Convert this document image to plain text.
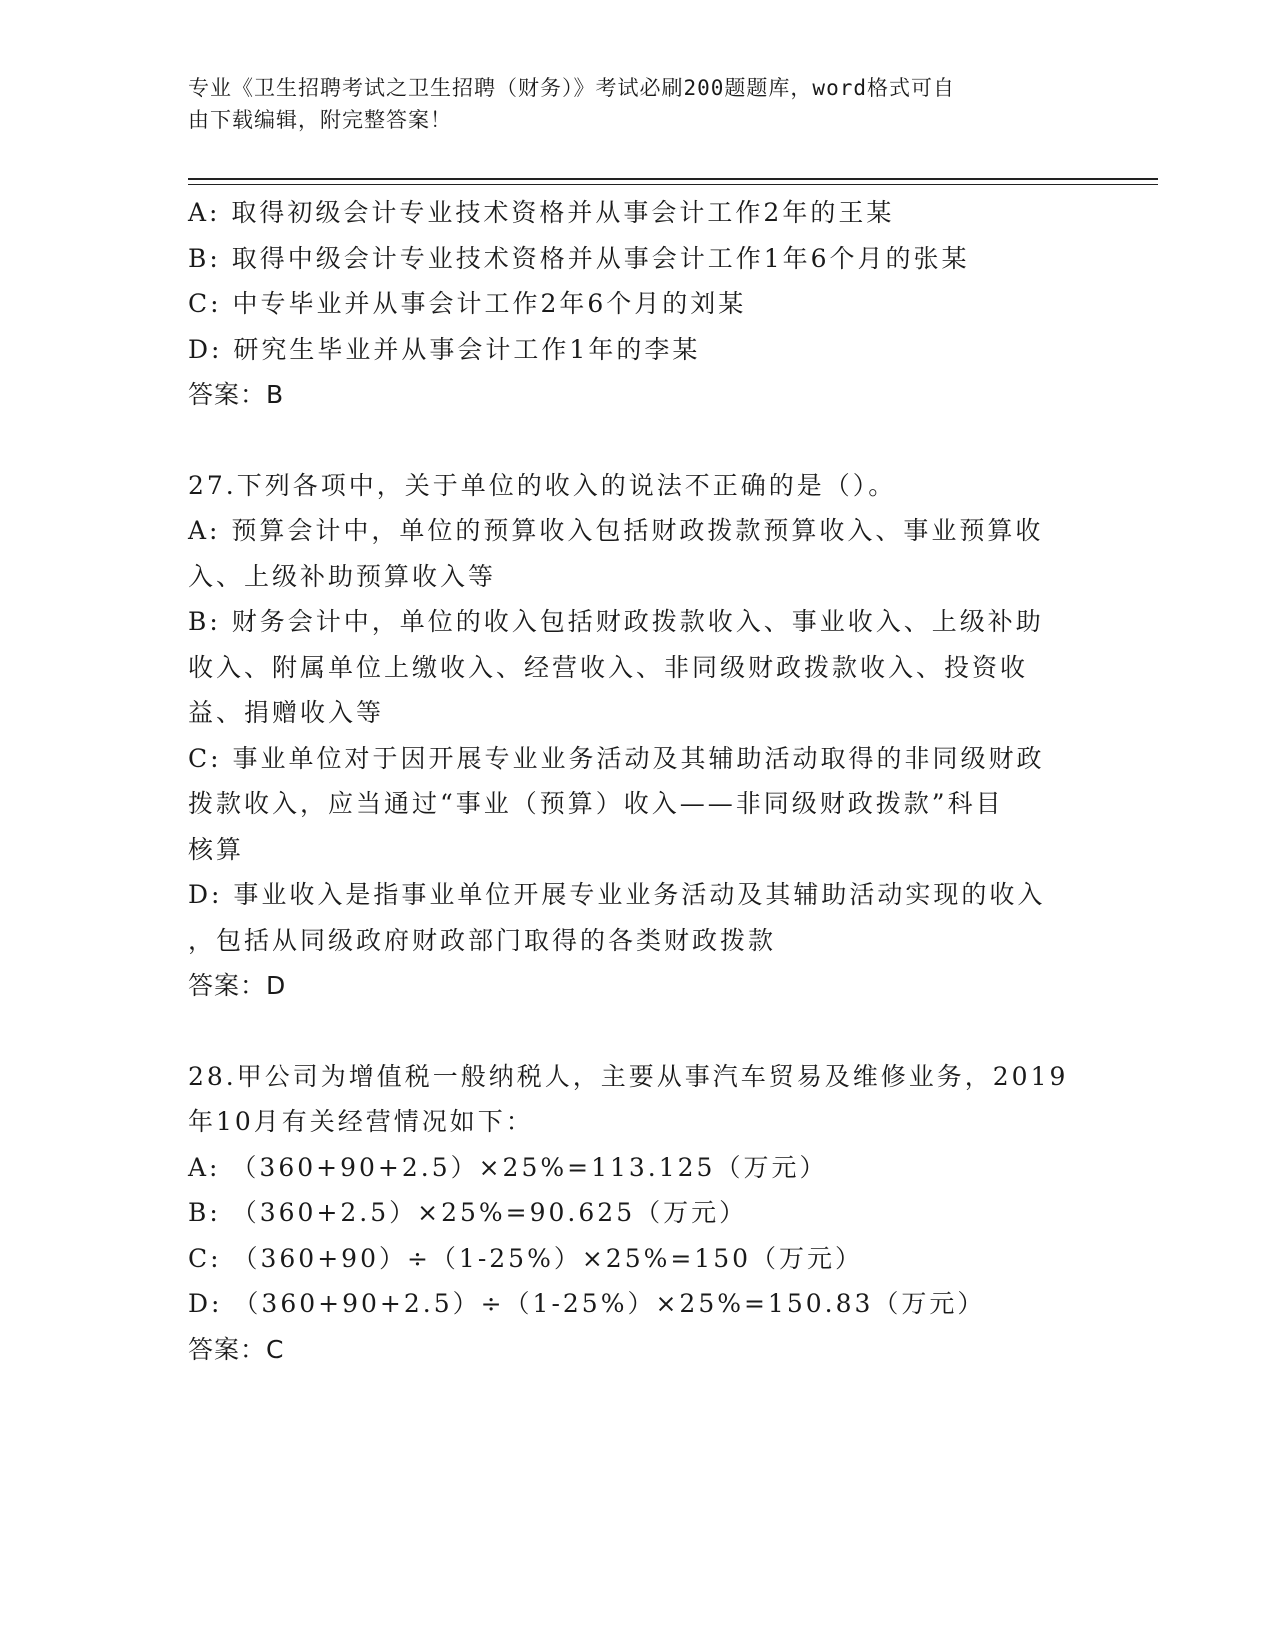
专业《卫生招聘考试之卫生招聘（财务）》考试必刷200题题库，word格式可自
由下载编辑，附完整答案！
A: 取得初级会计专业技术资格并从事会计工作2年的王某
B: 取得中级会计专业技术资格并从事会计工作1年6个月的张某
C: 中专毕业并从事会计工作2年6个月的刘某
D: 研究生毕业并从事会计工作1年的李某
答案：B
27.下列各项中，关于单位的收入的说法不正确的是（）。
A: 预算会计中，单位的预算收入包括财政拨款预算收入、事业预算收
入、上级补助预算收入等
B: 财务会计中，单位的收入包括财政拨款收入、事业收入、上级补助
收入、附属单位上缴收入、经营收入、非同级财政拨款收入、投资收
益、捐赠收入等
C: 事业单位对于因开展专业业务活动及其辅助活动取得的非同级财政
拨款收入，应当通过“事业（预算）收入——非同级财政拨款”科目
核算
D: 事业收入是指事业单位开展专业业务活动及其辅助活动实现的收入
，包括从同级政府财政部门取得的各类财政拨款
答案：D
28.甲公司为增值税一般纳税人，主要从事汽车贸易及维修业务，2019
年10月有关经营情况如下：
A: （360+90+2.5）×25%=113.125（万元）
B: （360+2.5）×25%=90.625（万元）
C: （360+90）÷（1-25%）×25%=150（万元）
D: （360+90+2.5）÷（1-25%）×25%=150.83（万元）
答案：C
